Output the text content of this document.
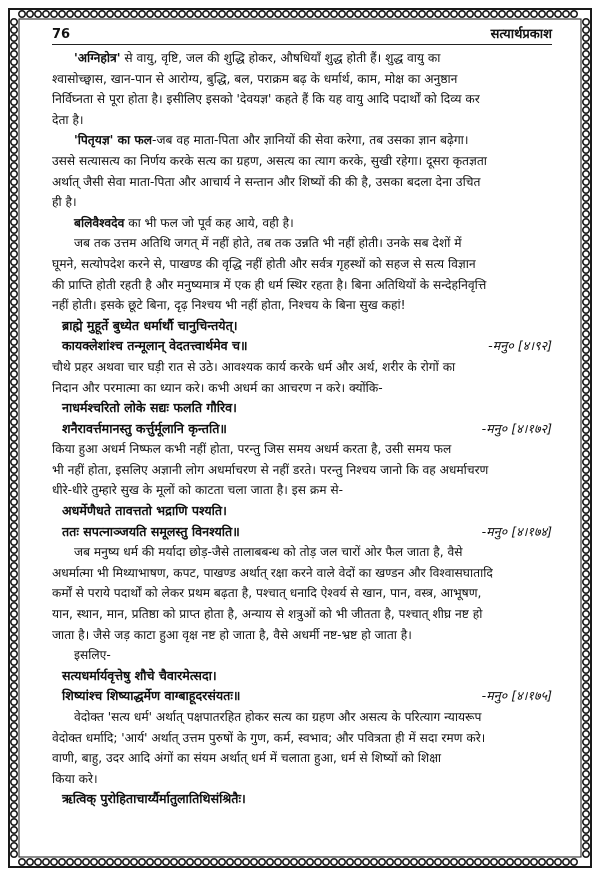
76	सत्यार्थप्रकाश
'अग्निहोत्र' से वायु, वृष्टि, जल की शुद्धि होकर, औषधियाँ शुद्ध होती हैं। शुद्ध वायु का
श्वासोच्छ्वास, खान-पान से आरोग्य, बुद्धि, बल, पराक्रम बढ़ के धर्मार्थ, काम, मोक्ष का अनुष्ठान
निर्विघ्नता से पूरा होता है। इसीलिए इसको 'देवयज्ञ' कहते हैं कि यह वायु आदि पदार्थों को दिव्य कर
देता है।
'पितृयज्ञ' का फल-जब वह माता-पिता और ज्ञानियों की सेवा करेगा, तब उसका ज्ञान बढ़ेगा।
उससे सत्यासत्य का निर्णय करके सत्य का ग्रहण, असत्य का त्याग करके, सुखी रहेगा। दूसरा कृतज्ञता
अर्थात् जैसी सेवा माता-पिता और आचार्य ने सन्तान और शिष्यों की की है, उसका बदला देना उचित
ही है।
बलिवैश्वदेव का भी फल जो पूर्व कह आये, वही है।
जब तक उत्तम अतिथि जगत् में नहीं होते, तब तक उन्नति भी नहीं होती। उनके सब देशों में
घूमने, सत्योपदेश करने से, पाखण्ड की वृद्धि नहीं होती और सर्वत्र गृहस्थों को सहज से सत्य विज्ञान
की प्राप्ति होती रहती है और मनुष्यमात्र में एक ही धर्म स्थिर रहता है। बिना अतिथियों के सन्देहनिवृत्ति
नहीं होती। इसके छूटे बिना, दृढ़ निश्चय भी नहीं होता, निश्चय के बिना सुख कहां!
ब्राह्मे मुहूर्ते बुध्येत धर्मार्थौ चानुचिन्तयेत्।
कायक्लेशांश्च तन्मूलान् वेदतत्त्वार्थमेव च॥	-मनु० [४।९२]
चौथे प्रहर अथवा चार घड़ी रात से उठे। आवश्यक कार्य करके धर्म और अर्थ, शरीर के रोगों का
निदान और परमात्मा का ध्यान करे। कभी अधर्म का आचरण न करे। क्योंकि-
नाधर्मश्चरितो लोके सद्यः फलति गौरिव।
शनैरावर्त्तमानस्तु कर्त्तुर्मूलानि कृन्तति॥	-मनु० [४।१७२]
किया हुआ अधर्म निष्फल कभी नहीं होता, परन्तु जिस समय अधर्म करता है, उसी समय फल
भी नहीं होता, इसलिए अज्ञानी लोग अधर्माचरण से नहीं डरते। परन्तु निश्चय जानो कि वह अधर्माचरण
धीरे-धीरे तुम्हारे सुख के मूलों को काटता चला जाता है। इस क्रम से-
अधर्मेणैधते तावत्ततो भद्राणि पश्यति।
ततः सपत्नाञ्जयति समूलस्तु विनश्यति॥	-मनु० [४।१७४]
जब मनुष्य धर्म की मर्यादा छोड़-जैसे तालाबबन्ध को तोड़ जल चारों ओर फैल जाता है, वैसे
अधर्मात्मा भी मिथ्याभाषण, कपट, पाखण्ड अर्थात् रक्षा करने वाले वेदों का खण्डन और विश्वासघातादि
कर्मों से पराये पदार्थों को लेकर प्रथम बढ़ता है, पश्चात् धनादि ऐश्वर्य से खान, पान, वस्त्र, आभूषण,
यान, स्थान, मान, प्रतिष्ठा को प्राप्त होता है, अन्याय से शत्रुओं को भी जीतता है, पश्चात् शीघ्र नष्ट हो
जाता है। जैसे जड़ काटा हुआ वृक्ष नष्ट हो जाता है, वैसे अधर्मी नष्ट-भ्रष्ट हो जाता है।
इसलिए-
सत्यधर्मार्यवृत्तेषु शौचे चैवारमेत्सदा।
शिष्यांश्च शिष्याद्धर्मेण वाग्बाहूदरसंयतः॥	-मनु० [४।१७५]
वेदोक्त 'सत्य धर्म' अर्थात् पक्षपातरहित होकर सत्य का ग्रहण और असत्य के परित्याग न्यायरूप
वेदोक्त धर्मादि; 'आर्य' अर्थात् उत्तम पुरुषों के गुण, कर्म, स्वभाव; और पवित्रता ही में सदा रमण करे।
वाणी, बाहु, उदर आदि अंगों का संयम अर्थात् धर्म में चलाता हुआ, धर्म से शिष्यों को शिक्षा
किया करे।
ऋत्विक् पुरोहिताचार्य्यैर्मातुलातिथिसंश्रितैः।
